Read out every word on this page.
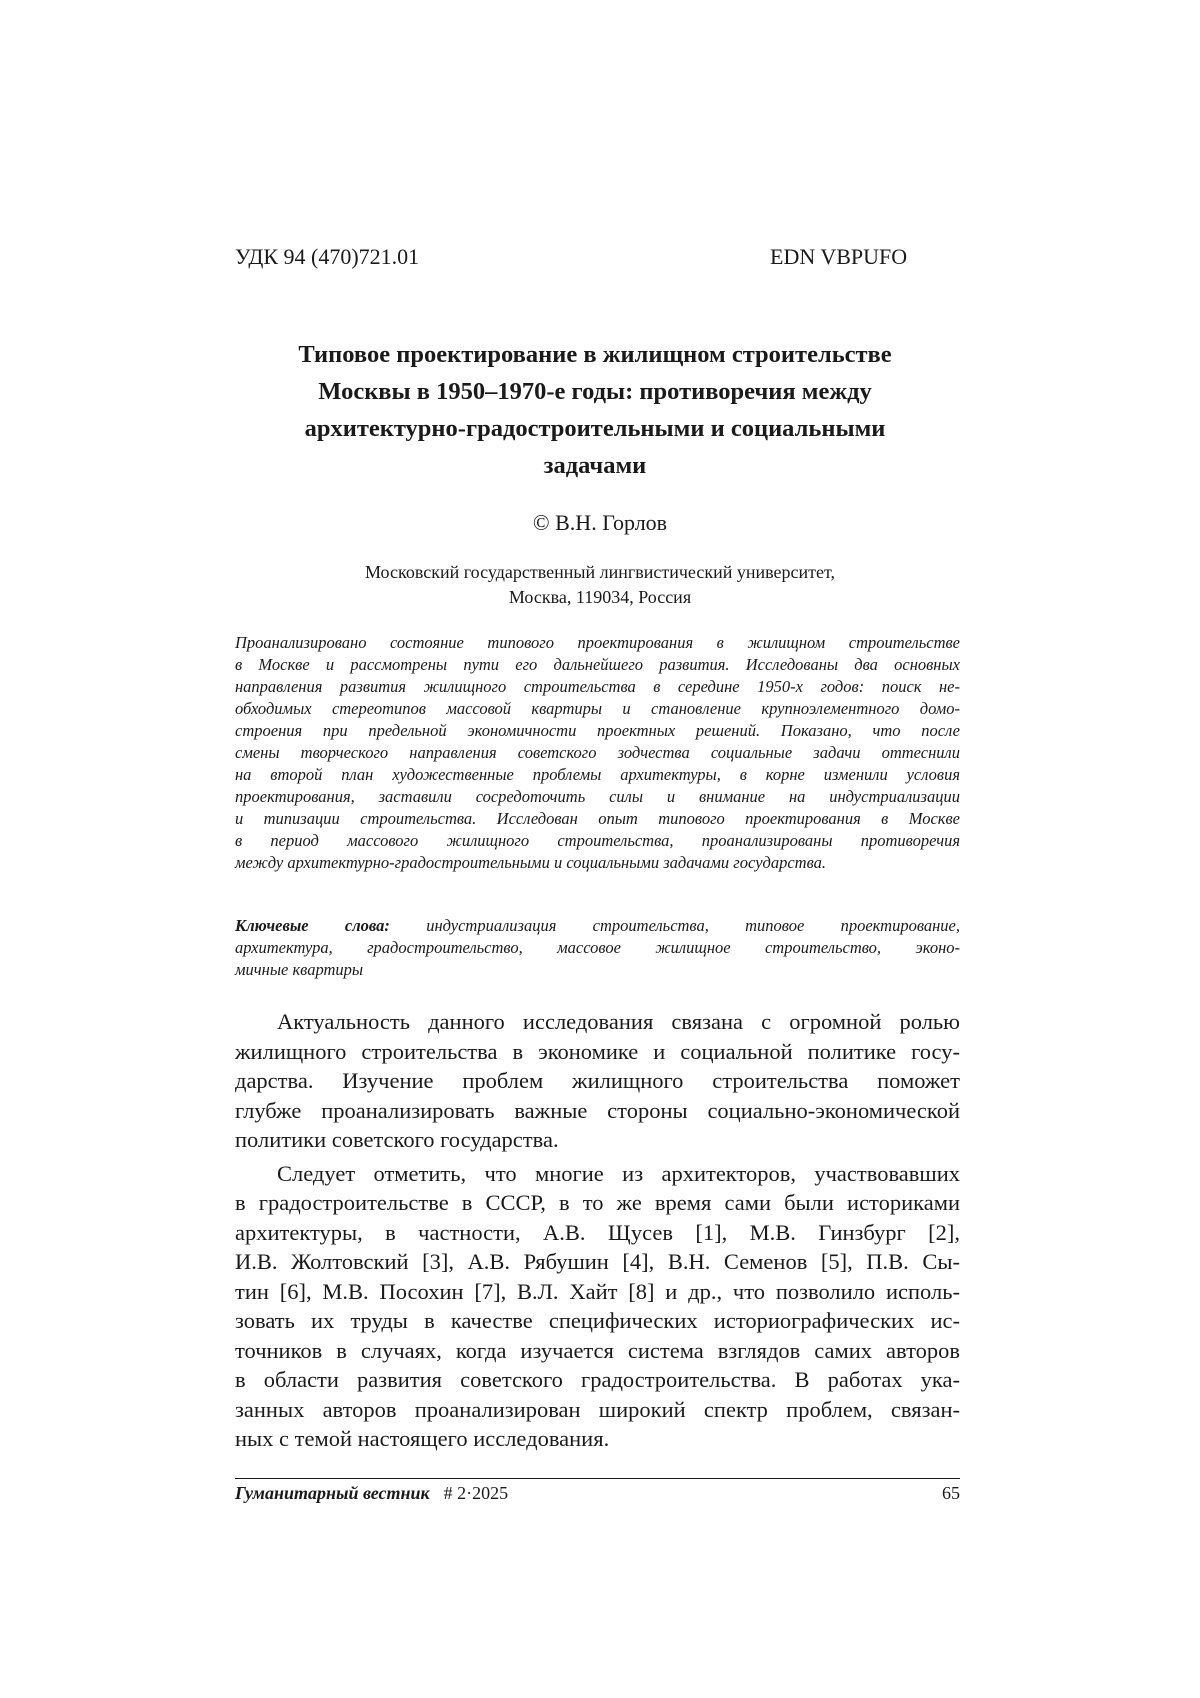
УДК 94 (470)721.01	EDN VBPUFO
Типовое проектирование в жилищном строительстве
Москвы в 1950–1970-е годы: противоречия между
архитектурно-градостроительными и социальными
задачами
© В.Н. Горлов
Московский государственный лингвистический университет,
Москва, 119034, Россия
Проанализировано состояние типового проектирования в жилищном строительстве
в Москве и рассмотрены пути его дальнейшего развития. Исследованы два основных
направления развития жилищного строительства в середине 1950-х годов: поиск не-
обходимых стереотипов массовой квартиры и становление крупноэлементного домо-
строения при предельной экономичности проектных решений. Показано, что после
смены творческого направления советского зодчества социальные задачи оттеснили
на второй план художественные проблемы архитектуры, в корне изменили условия
проектирования, заставили сосредоточить силы и внимание на индустриализации
и типизации строительства. Исследован опыт типового проектирования в Москве
в период массового жилищного строительства, проанализированы противоречия
между архитектурно-градостроительными и социальными задачами государства.
Ключевые слова: индустриализация строительства, типовое проектирование,
архитектура, градостроительство, массовое жилищное строительство, эконо-
мичные квартиры
Актуальность данного исследования связана с огромной ролью
жилищного строительства в экономике и социальной политике госу-
дарства. Изучение проблем жилищного строительства поможет
глубже проанализировать важные стороны социально-экономической
политики советского государства.
Следует отметить, что многие из архитекторов, участвовавших
в градостроительстве в СССР, в то же время сами были историками
архитектуры, в частности, А.В. Щусев [1], М.В. Гинзбург [2],
И.В. Жолтовский [3], А.В. Рябушин [4], В.Н. Семенов [5], П.В. Сы-
тин [6], М.В. Посохин [7], В.Л. Хайт [8] и др., что позволило исполь-
зовать их труды в качестве специфических историографических ис-
точников в случаях, когда изучается система взглядов самих авторов
в области развития советского градостроительства. В работах ука-
занных авторов проанализирован широкий спектр проблем, связан-
ных с темой настоящего исследования.
Гуманитарный вестник # 2·2025	65
